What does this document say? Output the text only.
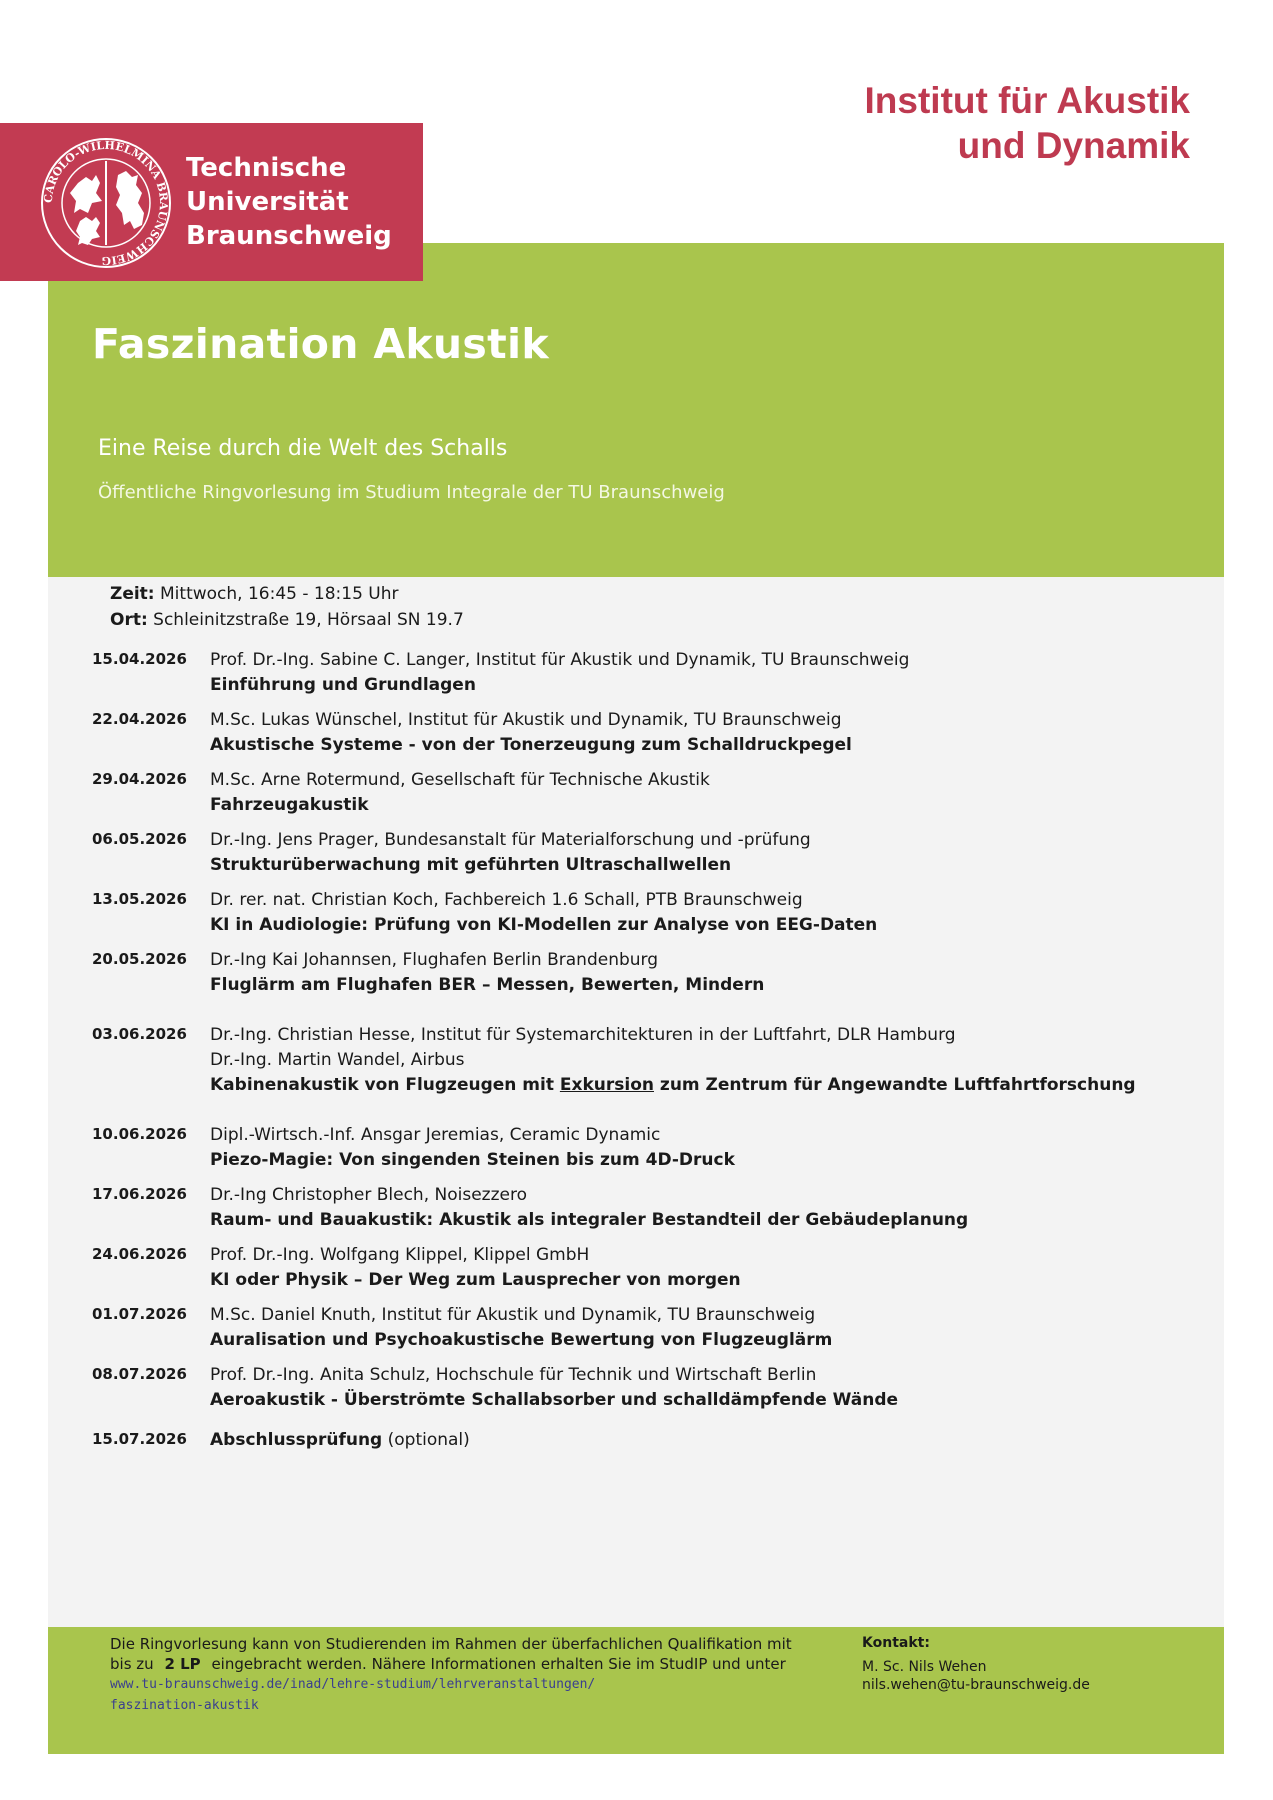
Institut für Akustik
und Dynamik
CAROLO-WILHELMINA BRAUNSCHWEIG
Technische
Universität
Braunschweig
Faszination Akustik
Eine Reise durch die Welt des Schalls
Öffentliche Ringvorlesung im Studium Integrale der TU Braunschweig
Zeit: Mittwoch, 16:45 - 18:15 Uhr
Ort: Schleinitzstraße 19, Hörsaal SN 19.7
15.04.2026	Prof. Dr.-Ing. Sabine C. Langer, Institut für Akustik und Dynamik, TU Braunschweig
Einführung und Grundlagen
22.04.2026	M.Sc. Lukas Wünschel, Institut für Akustik und Dynamik, TU Braunschweig
Akustische Systeme - von der Tonerzeugung zum Schalldruckpegel
29.04.2026	M.Sc. Arne Rotermund, Gesellschaft für Technische Akustik
Fahrzeugakustik
06.05.2026	Dr.-Ing. Jens Prager, Bundesanstalt für Materialforschung und -prüfung
Strukturüberwachung mit geführten Ultraschallwellen
13.05.2026	Dr. rer. nat. Christian Koch, Fachbereich 1.6 Schall, PTB Braunschweig
KI in Audiologie: Prüfung von KI-Modellen zur Analyse von EEG-Daten
20.05.2026	Dr.-Ing Kai Johannsen, Flughafen Berlin Brandenburg
Fluglärm am Flughafen BER – Messen, Bewerten, Mindern
03.06.2026	Dr.-Ing. Christian Hesse, Institut für Systemarchitekturen in der Luftfahrt, DLR Hamburg
Dr.-Ing. Martin Wandel, Airbus
Kabinenakustik von Flugzeugen mit Exkursion zum Zentrum für Angewandte Luftfahrtforschung
10.06.2026	Dipl.-Wirtsch.-Inf. Ansgar Jeremias, Ceramic Dynamic
Piezo-Magie: Von singenden Steinen bis zum 4D-Druck
17.06.2026	Dr.-Ing Christopher Blech, Noisezzero
Raum- und Bauakustik: Akustik als integraler Bestandteil der Gebäudeplanung
24.06.2026	Prof. Dr.-Ing. Wolfgang Klippel, Klippel GmbH
KI oder Physik – Der Weg zum Lausprecher von morgen
01.07.2026	M.Sc. Daniel Knuth, Institut für Akustik und Dynamik, TU Braunschweig
Auralisation und Psychoakustische Bewertung von Flugzeuglärm
08.07.2026	Prof. Dr.-Ing. Anita Schulz, Hochschule für Technik und Wirtschaft Berlin
Aeroakustik - Überströmte Schallabsorber und schalldämpfende Wände
15.07.2026	Abschlussprüfung (optional)
Die Ringvorlesung kann von Studierenden im Rahmen der überfachlichen Qualifikation mit
bis zu 2 LP eingebracht werden. Nähere Informationen erhalten Sie im StudIP und unter
www.tu-braunschweig.de/inad/lehre-studium/lehrveranstaltungen/
faszination-akustik
Kontakt:
M. Sc. Nils Wehen
nils.wehen@tu-braunschweig.de
